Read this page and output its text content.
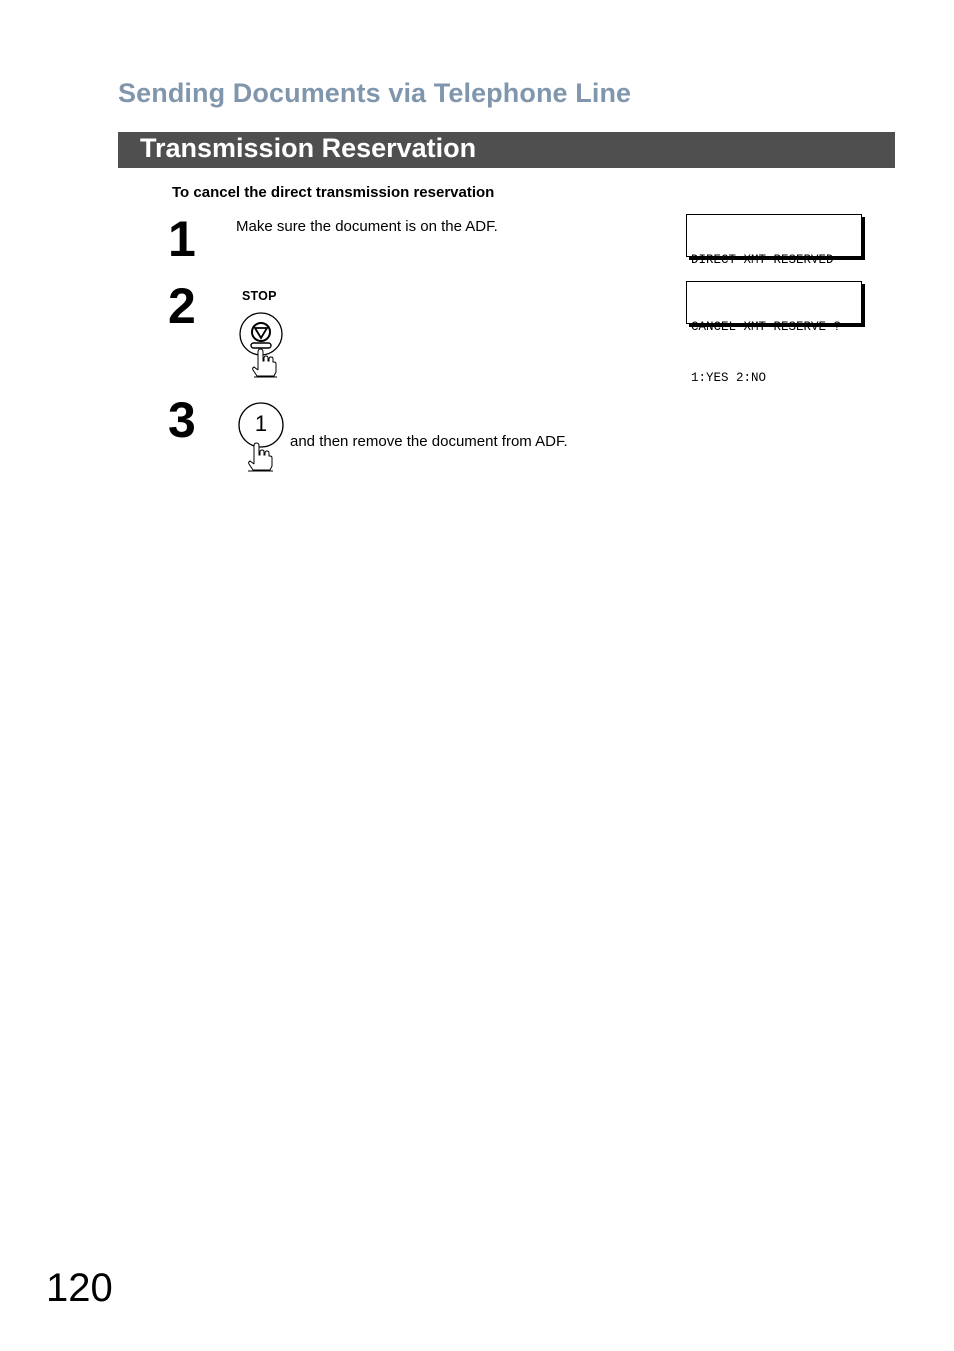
Sending Documents via Telephone Line
Transmission Reservation
To cancel the direct transmission reservation
1	Make sure the document is on the ADF.

DIRECT XMT RESERVED

2	STOP

CANCEL XMT RESERVE ?

1:YES 2:NO

3	1
and then remove the document from ADF.
120
